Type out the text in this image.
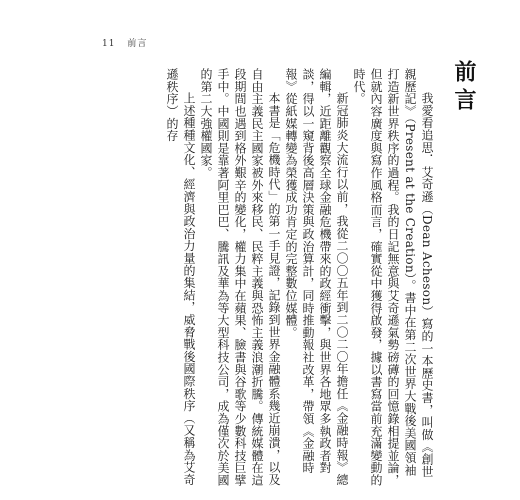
11 前言
前言

我愛看追思．艾奇遜（Dean Acheson）寫的一本歷史書，叫做《創世親歷記》（Present at the Creation）。書中在第二次世界大戰後美國領袖打造新世界秩序的過程。我的日記無意與艾奇遜氣勢磅礡的回憶錄相提並論，但就內容廣度與寫作風格而言，確實從中獲得啟發，據以書寫當前充滿變動的時代。

新冠肺炎大流行以前，我從二〇〇五年到二〇二〇年擔任《金融時報》總編輯，近距離觀察全球金融危機帶來的政經衝擊，與世界各地眾多執政者對談，得以一窺背後高層決策與政治算計，同時推動報社改革，帶領《金融時報》從紙媒轉變為榮獲成功肯定的完整數位媒體。

本書是「危機時代」的第一手見證，記錄到世界金融體系幾近崩潰，以及自由主義民主國家被外來移民、民粹主義與恐怖主義浪潮折騰。傳統媒體在這段期間也遇到格外艱辛的變化，權力集中在蘋果、臉書與谷歌等少數科技巨擘手中。中國則是靠著阿里巴巴、騰訊及華為等大型科技公司，成為僅次於美國的第二大強權國家。

上述種種文化、經濟與政治力量的集結，威脅戰後國際秩序（又稱為艾奇遜秩序）的存
